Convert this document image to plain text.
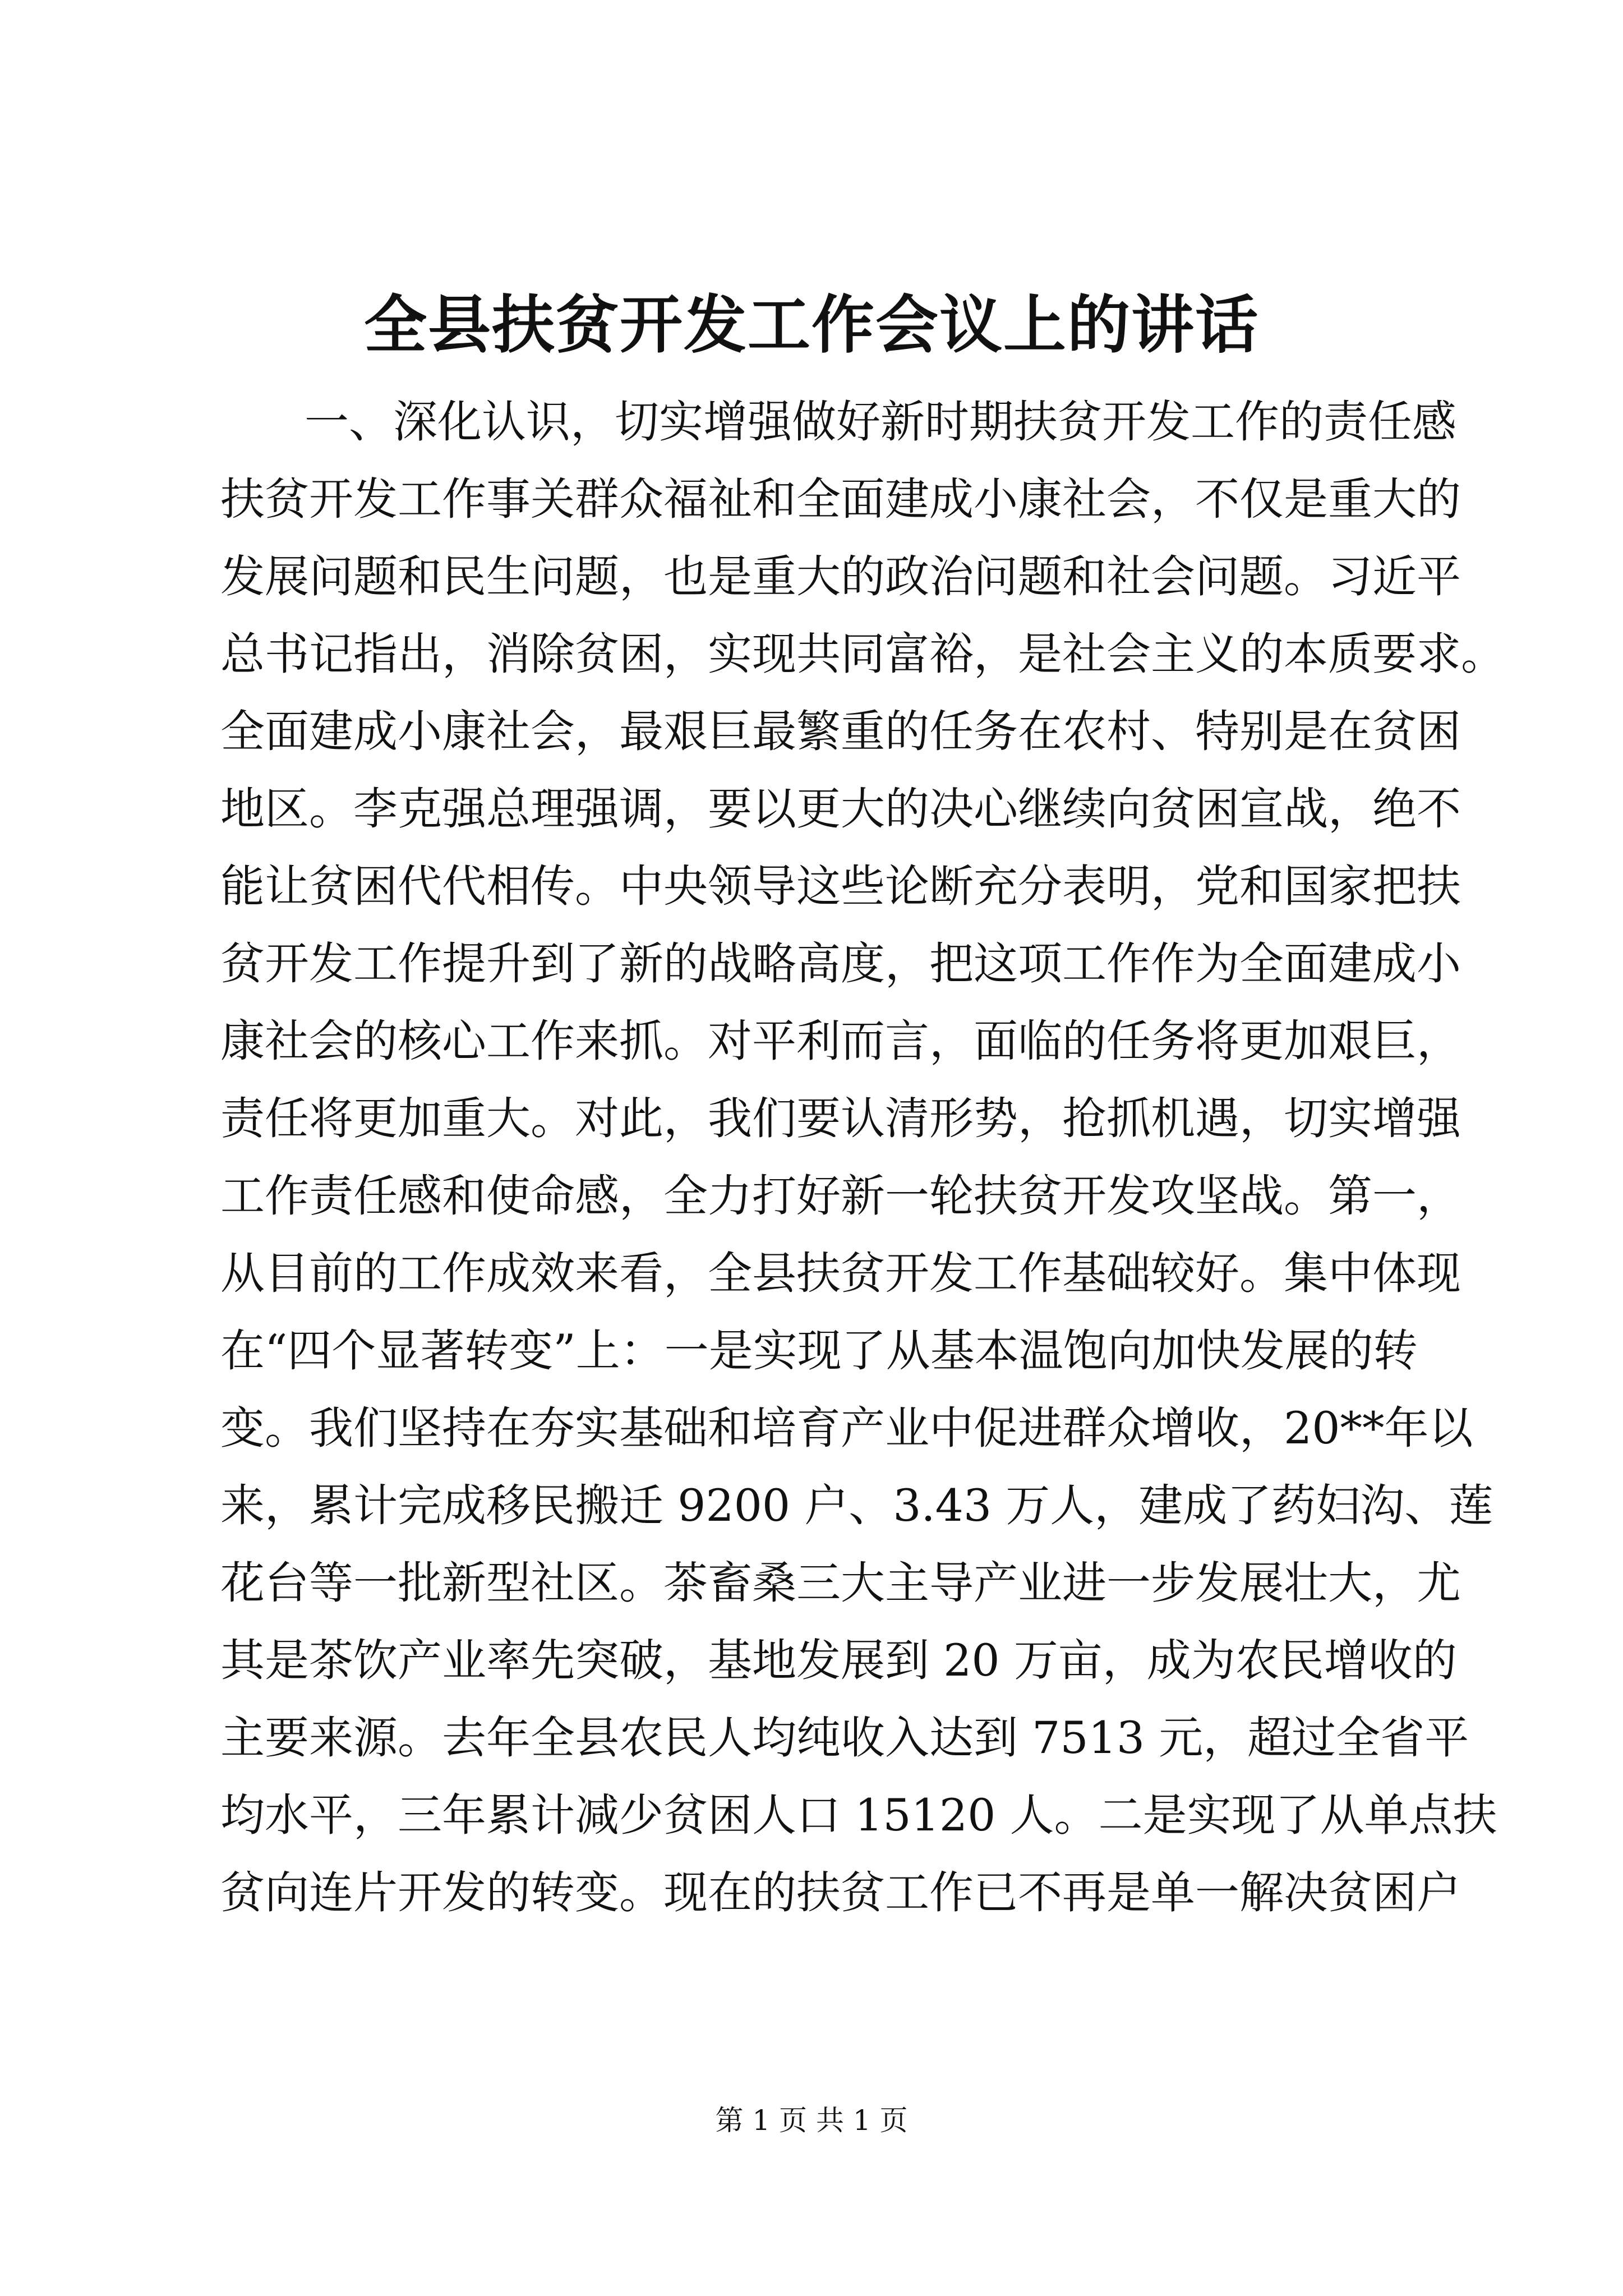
全县扶贫开发工作会议上的讲话
一、深化认识，切实增强做好新时期扶贫开发工作的责任感
扶贫开发工作事关群众福祉和全面建成小康社会，不仅是重大的
发展问题和民生问题，也是重大的政治问题和社会问题。习近平
总书记指出，消除贫困，实现共同富裕，是社会主义的本质要求。
全面建成小康社会，最艰巨最繁重的任务在农村、特别是在贫困
地区。李克强总理强调，要以更大的决心继续向贫困宣战，绝不
能让贫困代代相传。中央领导这些论断充分表明，党和国家把扶
贫开发工作提升到了新的战略高度，把这项工作作为全面建成小
康社会的核心工作来抓。对平利而言，面临的任务将更加艰巨，
责任将更加重大。对此，我们要认清形势，抢抓机遇，切实增强
工作责任感和使命感，全力打好新一轮扶贫开发攻坚战。第一，
从目前的工作成效来看，全县扶贫开发工作基础较好。集中体现
在“四个显著转变”上：一是实现了从基本温饱向加快发展的转
变。我们坚持在夯实基础和培育产业中促进群众增收，20**年以
来，累计完成移民搬迁 9200 户、3.43 万人，建成了药妇沟、莲
花台等一批新型社区。茶畜桑三大主导产业进一步发展壮大，尤
其是茶饮产业率先突破，基地发展到 20 万亩，成为农民增收的
主要来源。去年全县农民人均纯收入达到 7513 元，超过全省平
均水平，三年累计减少贫困人口 15120 人。二是实现了从单点扶
贫向连片开发的转变。现在的扶贫工作已不再是单一解决贫困户

第 1 页 共 1 页
